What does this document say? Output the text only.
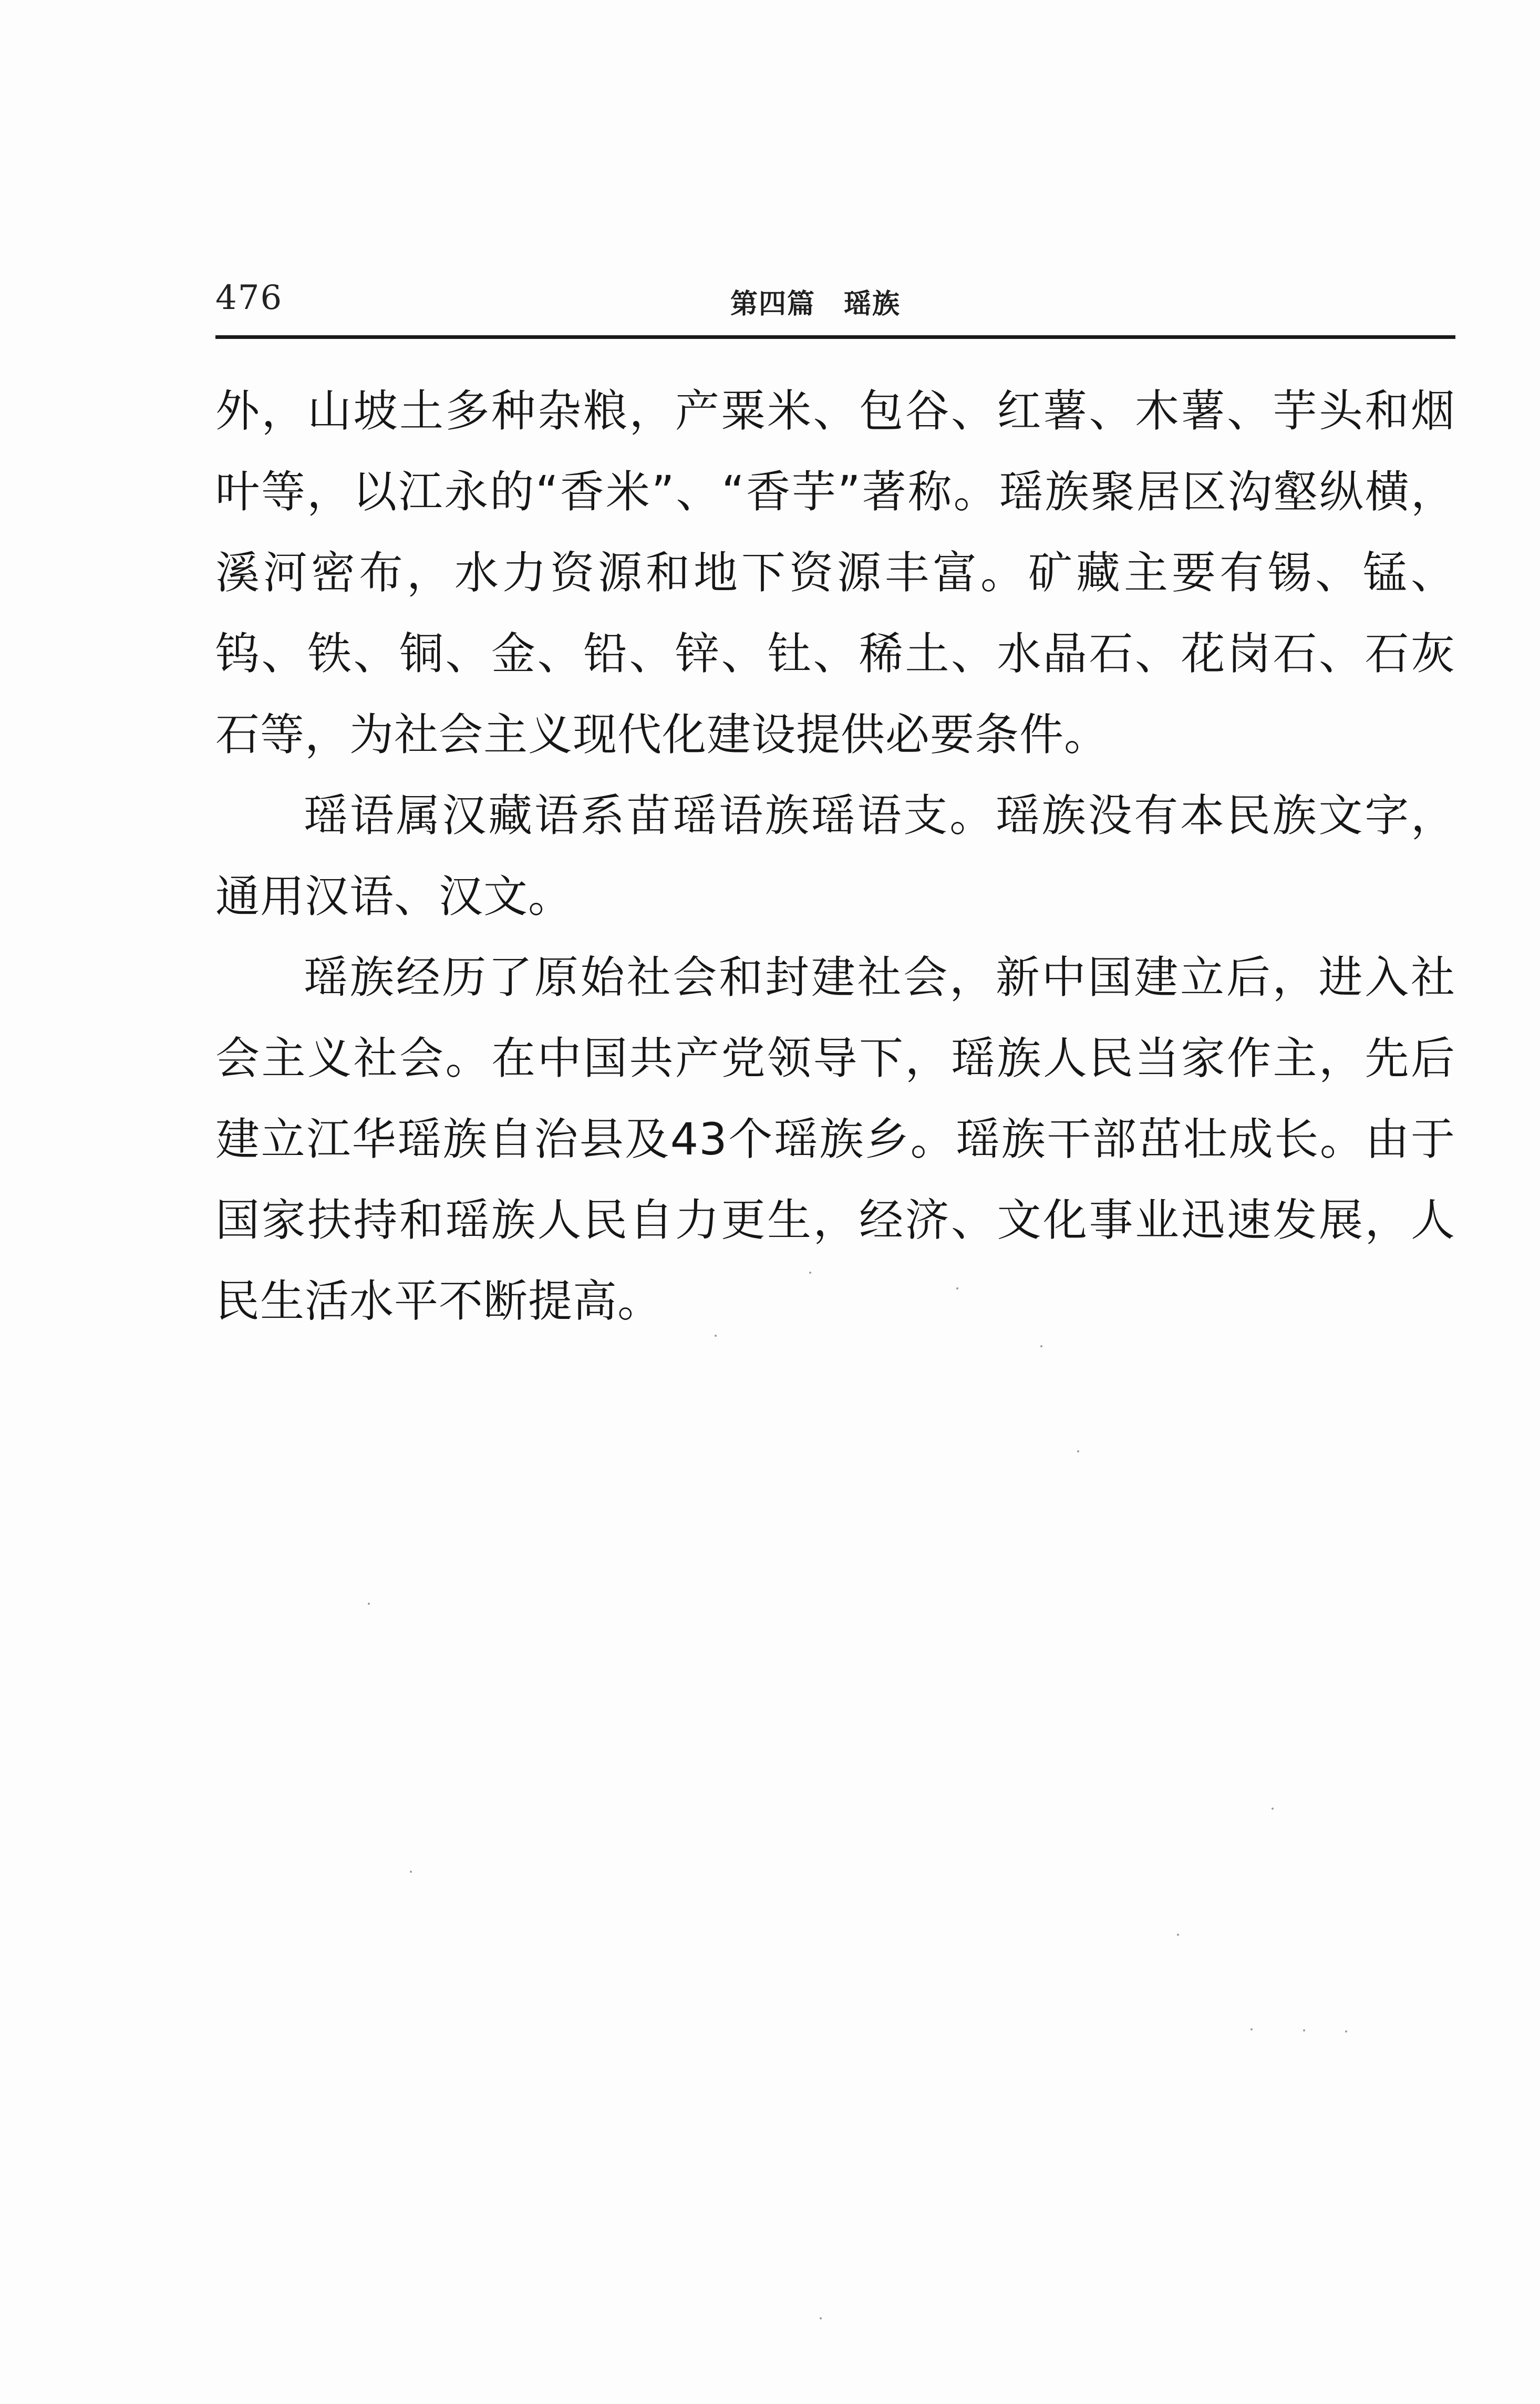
476	第四篇　瑶族

外，山坡土多种杂粮，产粟米、包谷、红薯、木薯、芋头和烟叶等，以江永的“香米”、“香芋”著称。瑶族聚居区沟壑纵横，溪河密布，水力资源和地下资源丰富。矿藏主要有锡、锰、钨、铁、铜、金、铅、锌、钍、稀土、水晶石、花岗石、石灰石等，为社会主义现代化建设提供必要条件。

瑶语属汉藏语系苗瑶语族瑶语支。瑶族没有本民族文字，通用汉语、汉文。

瑶族经历了原始社会和封建社会，新中国建立后，进入社会主义社会。在中国共产党领导下，瑶族人民当家作主，先后建立江华瑶族自治县及43个瑶族乡。瑶族干部茁壮成长。由于国家扶持和瑶族人民自力更生，经济、文化事业迅速发展，人民生活水平不断提高。
